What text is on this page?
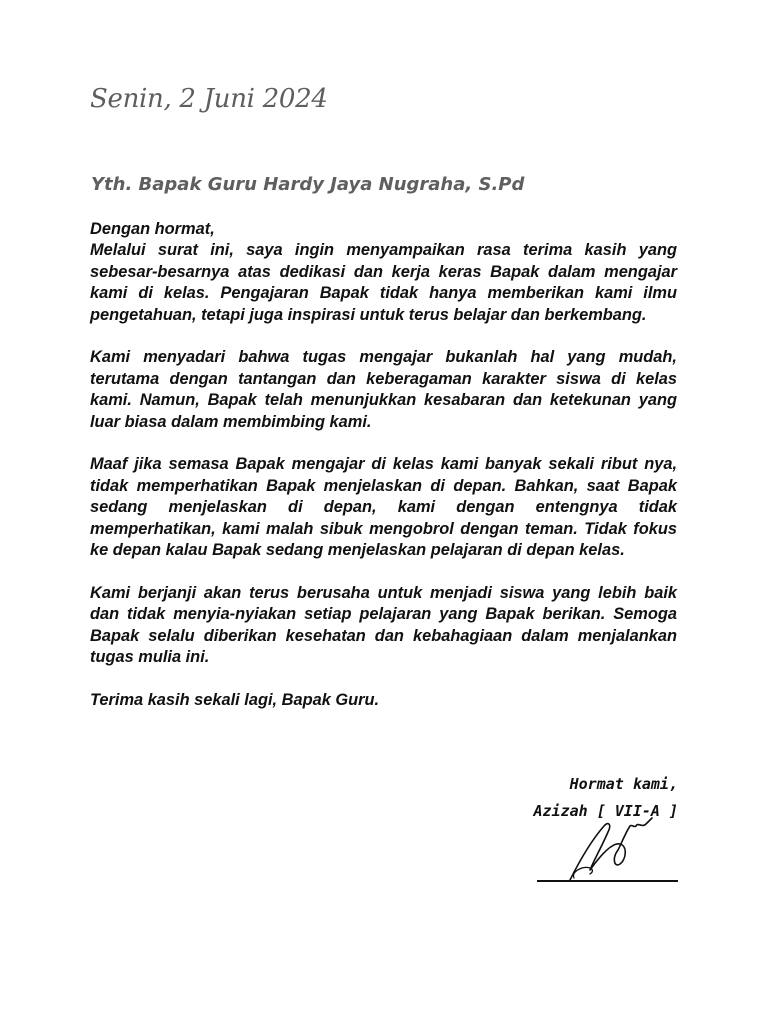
Senin, 2 Juni 2024
Yth. Bapak Guru Hardy Jaya Nugraha, S.Pd

Dengan hormat,

Melalui surat ini, saya ingin menyampaikan rasa terima kasih yang sebesar-besarnya atas dedikasi dan kerja keras Bapak dalam mengajar kami di kelas. Pengajaran Bapak tidak hanya memberikan kami ilmu pengetahuan, tetapi juga inspirasi untuk terus belajar dan berkembang.

Kami menyadari bahwa tugas mengajar bukanlah hal yang mudah, terutama dengan tantangan dan keberagaman karakter siswa di kelas kami. Namun, Bapak telah menunjukkan kesabaran dan ketekunan yang luar biasa dalam membimbing kami.

Maaf jika semasa Bapak mengajar di kelas kami banyak sekali ribut nya, tidak memperhatikan Bapak menjelaskan di depan. Bahkan, saat Bapak sedang menjelaskan di depan, kami dengan entengnya tidak memperhatikan, kami malah sibuk mengobrol dengan teman. Tidak fokus ke depan kalau Bapak sedang menjelaskan pelajaran di depan kelas.

Kami berjanji akan terus berusaha untuk menjadi siswa yang lebih baik dan tidak menyia-nyiakan setiap pelajaran yang Bapak berikan. Semoga Bapak selalu diberikan kesehatan dan kebahagiaan dalam menjalankan tugas mulia ini.

Terima kasih sekali lagi, Bapak Guru.

Hormat kami,
Azizah [ VII-A ]
